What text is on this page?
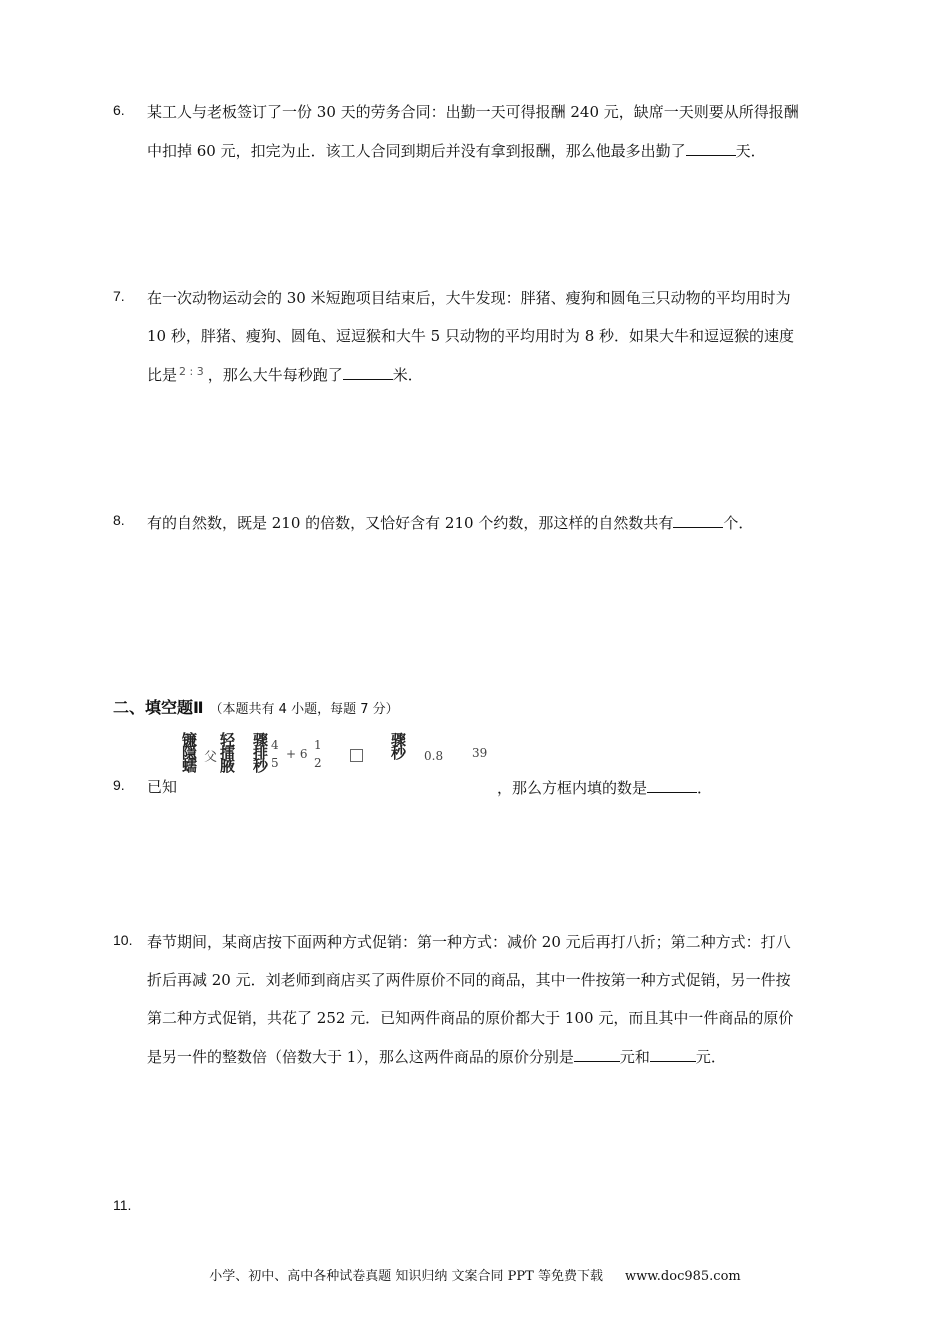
6. 某工人与老板签订了一份 30 天的劳务合同：出勤一天可得报酬 240 元，缺席一天则要从所得报酬
中扣掉 60 元，扣完为止．该工人合同到期后并没有拿到报酬，那么他最多出勤了	天．
7. 在一次动物运动会的 30 米短跑项目结束后，大牛发现：胖猪、瘦狗和圆龟三只动物的平均用时为
10 秒，胖猪、瘦狗、圆龟、逗逗猴和大牛 5 只动物的平均用时为 8 秒．如果大牛和逗逗猴的速度
比是 $^{2 : 3}$ ，那么大牛每秒跑了	米．
8. 有的自然数，既是 210 的倍数，又恰好含有 210 个约数，那这样的自然数共有	个．
二、填空题Ⅱ （本题共有 4 小题，每题 7 分）
镰
隱
蠕 父
轻
擂
腋
骤
排
秒
4
5
+ 6
1
2
骤
秒 0.8 39
9. 已知	，那么方框内填的数是	．
10. 春节期间，某商店按下面两种方式促销：第一种方式：减价 20 元后再打八折；第二种方式：打八
折后再减 20 元．刘老师到商店买了两件原价不同的商品，其中一件按第一种方式促销，另一件按
第二种方式促销，共花了 252 元．已知两件商品的原价都大于 100 元，而且其中一件商品的原价
是另一件的整数倍（倍数大于 1），那么这两件商品的原价分别是	元和	元．
11.
小学、初中、高中各种试卷真题 知识归纳 文案合同 PPT 等免费下载 www.doc985.com
